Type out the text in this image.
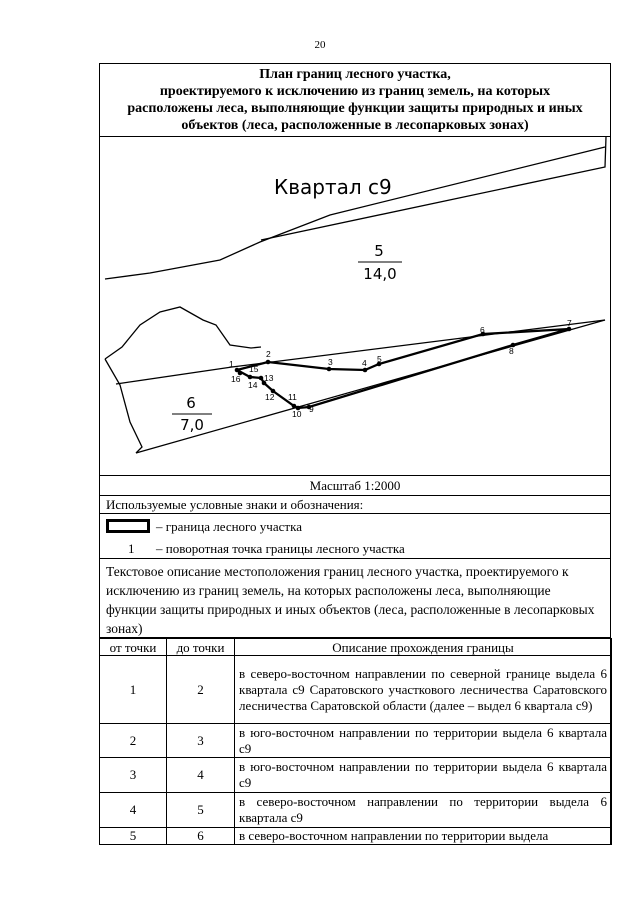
20
План границ лесного участка,
проектируемого к исключению из границ земель, на которых
расположены леса, выполняющие функции защиты природных и иных
объектов (леса, расположенные в лесопарковых зонах)
1
2
3	4 5
6
7
8
9
10
11
12
13
14
15
16
Квартал с9
5
14,0
6
7,0
Масштаб 1:2000
Используемые условные знаки и обозначения:
– граница лесного участка
1 – поворотная точка границы лесного участка
Текстовое описание местоположения границ лесного участка, проектируемого к исключению из границ земель, на которых расположены леса, выполняющие функции защиты природных и иных объектов (леса, расположенные в лесопарковых зонах)
от точки	до точки	Описание прохождения границы
1	2	в северо-восточном направлении по северной границе выдела 6 квартала с9 Саратовского участкового лесничества Саратовского лесничества Саратовской области (далее – выдел 6 квартала с9)
2	3	в юго-восточном направлении по территории выдела 6 квартала с9
3	4	в юго-восточном направлении по территории выдела 6 квартала с9
4	5	в северо-восточном направлении по территории выдела 6 квартала с9
5	6	в северо-восточном направлении по территории выдела
